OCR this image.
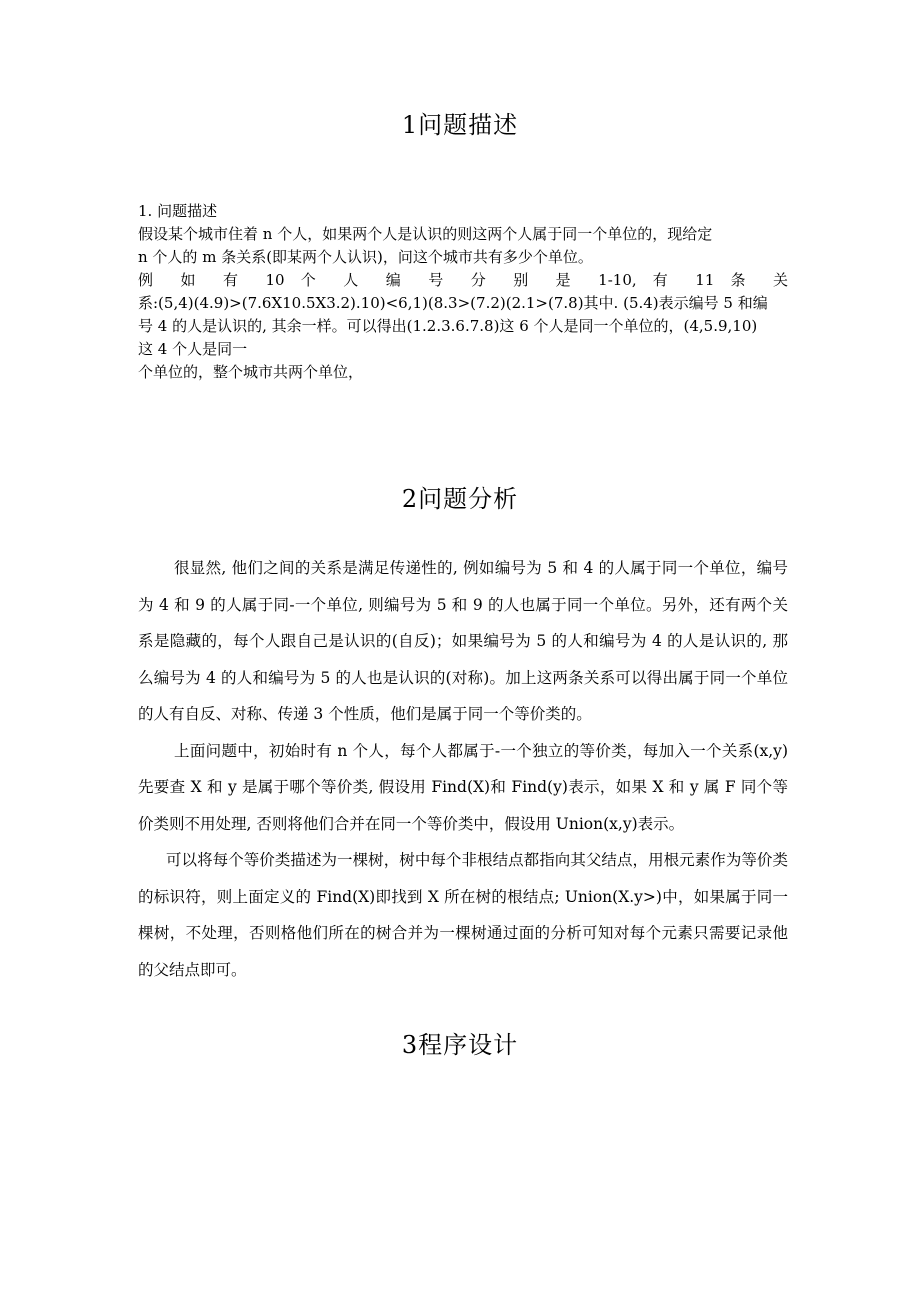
1问题描述

1. 问题描述

假设某个城市住着 n 个人，如果两个人是认识的则这两个人属于同一个单位的，现给定

n 个人的 m 条关系(即某两个人认识)，问这个城市共有多少个单位。

例 如 有 10 个 人 编 号 分 别 是 1-10, 有 11 条 关

系:(5,4)(4.9)>(7.6X10.5X3.2).10)<6,1)(8.3>(7.2)(2.1>(7.8)其中. (5.4)表示编号 5 和编

号 4 的人是认识的, 其余一样。可以得出(1.2.3.6.7.8)这 6 个人是同一个单位的，(4,5.9,10)

这 4 个人是同一

个单位的，整个城市共两个单位，

2问题分析

很显然, 他们之间的关系是满足传递性的, 例如编号为 5 和 4 的人属于同一个单位，编号为 4 和 9 的人属于同-一个单位, 则编号为 5 和 9 的人也属于同一个单位。另外，还有两个关系是隐藏的，每个人跟自己是认识的(自反)；如果编号为 5 的人和编号为 4 的人是认识的, 那么编号为 4 的人和编号为 5 的人也是认识的(对称)。加上这两条关系可以得出属于同一个单位的人有自反、对称、传递 3 个性质，他们是属于同一个等价类的。

上面问题中，初始时有 n 个人，每个人都属于-一个独立的等价类，每加入一个关系(x,y)先要查 X 和 y 是属于哪个等价类, 假设用 Find(X)和 Find(y)表示，如果 X 和 y 属 F 同个等价类则不用处理, 否则将他们合并在同一个等价类中，假设用 Union(x,y)表示。

可以将每个等价类描述为一棵树，树中每个非根结点都指向其父结点，用根元素作为等价类的标识符，则上面定义的 Find(X)即找到 X 所在树的根结点; Union(X.y>)中，如果属于同一棵树，不处理，否则格他们所在的树合并为一棵树通过面的分析可知对每个元素只需要记录他的父结点即可。

3程序设计
